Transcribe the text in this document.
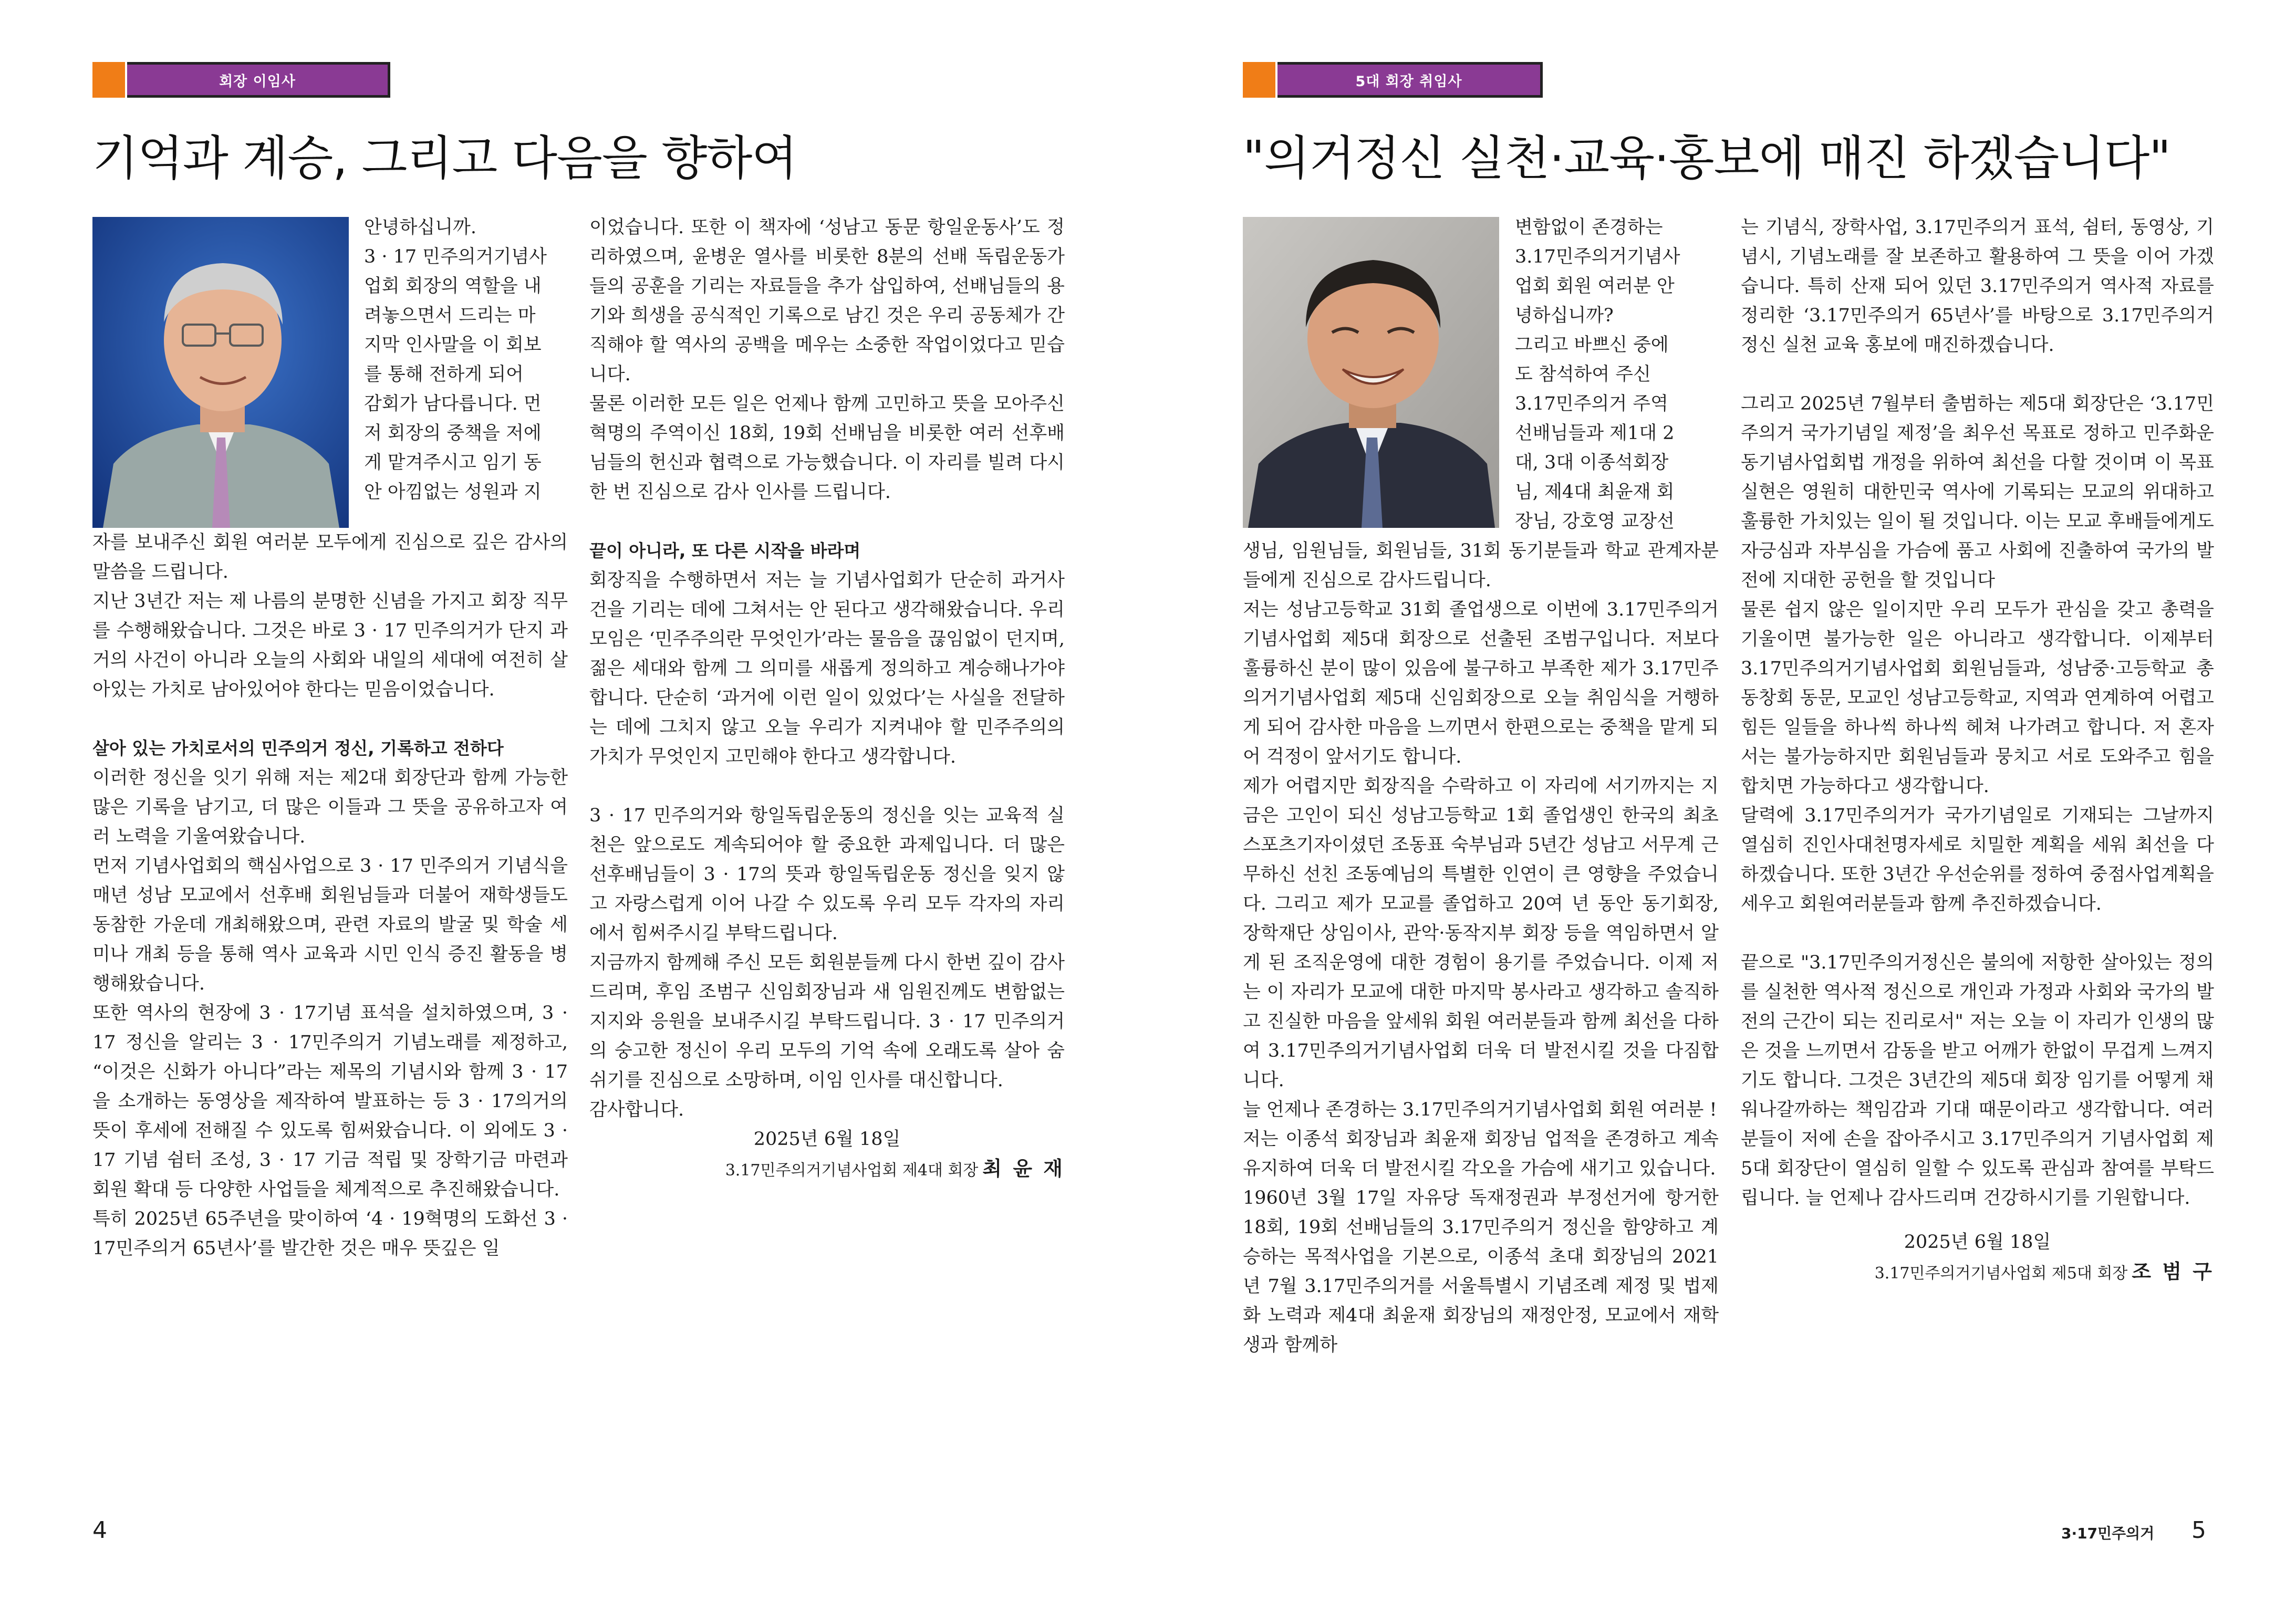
회장 이임사
기억과 계승, 그리고 다음을 향하여

안녕하십니까.

3 · 17 민주의거기념사

업회 회장의 역할을 내

려놓으면서 드리는 마

지막 인사말을 이 회보

를 통해 전하게 되어

감회가 남다릅니다. 먼

저 회장의 중책을 저에

게 맡겨주시고 임기 동

안 아낌없는 성원과 지

자를 보내주신 회원 여러분 모두에게 진심으로 깊은 감사의 말씀을 드립니다.

지난 3년간 저는 제 나름의 분명한 신념을 가지고 회장 직무를 수행해왔습니다. 그것은 바로 3 · 17 민주의거가 단지 과거의 사건이 아니라 오늘의 사회와 내일의 세대에 여전히 살아있는 가치로 남아있어야 한다는 믿음이었습니다.

살아 있는 가치로서의 민주의거 정신, 기록하고 전하다

이러한 정신을 잇기 위해 저는 제2대 회장단과 함께 가능한 많은 기록을 남기고, 더 많은 이들과 그 뜻을 공유하고자 여러 노력을 기울여왔습니다.

먼저 기념사업회의 핵심사업으로 3 · 17 민주의거 기념식을 매년 성남 모교에서 선후배 회원님들과 더불어 재학생들도 동참한 가운데 개최해왔으며, 관련 자료의 발굴 및 학술 세미나 개최 등을 통해 역사 교육과 시민 인식 증진 활동을 병행해왔습니다.

또한 역사의 현장에 3 · 17기념 표석을 설치하였으며, 3 · 17 정신을 알리는 3 · 17민주의거 기념노래를 제정하고, “이것은 신화가 아니다”라는 제목의 기념시와 함께 3 · 17을 소개하는 동영상을 제작하여 발표하는 등 3 · 17의거의 뜻이 후세에 전해질 수 있도록 힘써왔습니다. 이 외에도 3 · 17 기념 쉼터 조성, 3 · 17 기금 적립 및 장학기금 마련과 회원 확대 등 다양한 사업들을 체계적으로 추진해왔습니다.

특히 2025년 65주년을 맞이하여 ‘4 · 19혁명의 도화선 3 · 17민주의거 65년사’를 발간한 것은 매우 뜻깊은 일

이었습니다. 또한 이 책자에 ‘성남고 동문 항일운동사’도 정리하였으며, 윤병운 열사를 비롯한 8분의 선배 독립운동가들의 공훈을 기리는 자료들을 추가 삽입하여, 선배님들의 용기와 희생을 공식적인 기록으로 남긴 것은 우리 공동체가 간직해야 할 역사의 공백을 메우는 소중한 작업이었다고 믿습니다.

물론 이러한 모든 일은 언제나 함께 고민하고 뜻을 모아주신 혁명의 주역이신 18회, 19회 선배님을 비롯한 여러 선후배님들의 헌신과 협력으로 가능했습니다. 이 자리를 빌려 다시 한 번 진심으로 감사 인사를 드립니다.

끝이 아니라, 또 다른 시작을 바라며

회장직을 수행하면서 저는 늘 기념사업회가 단순히 과거사건을 기리는 데에 그쳐서는 안 된다고 생각해왔습니다. 우리 모임은 ‘민주주의란 무엇인가’라는 물음을 끊임없이 던지며, 젊은 세대와 함께 그 의미를 새롭게 정의하고 계승해나가야 합니다. 단순히 ‘과거에 이런 일이 있었다’는 사실을 전달하는 데에 그치지 않고 오늘 우리가 지켜내야 할 민주주의의 가치가 무엇인지 고민해야 한다고 생각합니다.

3 · 17 민주의거와 항일독립운동의 정신을 잇는 교육적 실천은 앞으로도 계속되어야 할 중요한 과제입니다. 더 많은 선후배님들이 3 · 17의 뜻과 항일독립운동 정신을 잊지 않고 자랑스럽게 이어 나갈 수 있도록 우리 모두 각자의 자리에서 힘써주시길 부탁드립니다.

지금까지 함께해 주신 모든 회원분들께 다시 한번 깊이 감사드리며, 후임 조범구 신임회장님과 새 임원진께도 변함없는 지지와 응원을 보내주시길 부탁드립니다. 3 · 17 민주의거의 숭고한 정신이 우리 모두의 기억 속에 오래도록 살아 숨쉬기를 진심으로 소망하며, 이임 인사를 대신합니다.

감사합니다.

2025년 6월 18일

3.17민주의거기념사업회 제4대 회장 최 윤 재

4
5대 회장 취임사
"의거정신 실천·교육·홍보에 매진 하겠습니다"

변함없이 존경하는

3.17민주의거기념사

업회 회원 여러분 안

녕하십니까?

그리고 바쁘신 중에

도 참석하여 주신

3.17민주의거 주역

선배님들과 제1대 2

대, 3대 이종석회장

님, 제4대 최윤재 회

장님, 강호영 교장선

생님, 임원님들, 회원님들, 31회 동기분들과 학교 관계자분들에게 진심으로 감사드립니다.

저는 성남고등학교 31회 졸업생으로 이번에 3.17민주의거기념사업회 제5대 회장으로 선출된 조범구입니다. 저보다 훌륭하신 분이 많이 있음에 불구하고 부족한 제가 3.17민주의거기념사업회 제5대 신임회장으로 오늘 취임식을 거행하게 되어 감사한 마음을 느끼면서 한편으로는 중책을 맡게 되어 걱정이 앞서기도 합니다.

제가 어렵지만 회장직을 수락하고 이 자리에 서기까지는 지금은 고인이 되신 성남고등학교 1회 졸업생인 한국의 최초 스포츠기자이셨던 조동표 숙부님과 5년간 성남고 서무계 근무하신 선친 조동예님의 특별한 인연이 큰 영향을 주었습니다. 그리고 제가 모교를 졸업하고 20여 년 동안 동기회장, 장학재단 상임이사, 관악·동작지부 회장 등을 역임하면서 알게 된 조직운영에 대한 경험이 용기를 주었습니다. 이제 저는 이 자리가 모교에 대한 마지막 봉사라고 생각하고 솔직하고 진실한 마음을 앞세워 회원 여러분들과 함께 최선을 다하여 3.17민주의거기념사업회 더욱 더 발전시킬 것을 다짐합니다.

늘 언제나 존경하는 3.17민주의거기념사업회 회원 여러분 !

저는 이종석 회장님과 최윤재 회장님 업적을 존경하고 계속 유지하여 더욱 더 발전시킬 각오을 가슴에 새기고 있습니다.

1960년 3월 17일 자유당 독재정권과 부정선거에 항거한 18회, 19회 선배님들의 3.17민주의거 정신을 함양하고 계승하는 목적사업을 기본으로, 이종석 초대 회장님의 2021년 7월 3.17민주의거를 서울특별시 기념조례 제정 및 법제화 노력과 제4대 최윤재 회장님의 재정안정, 모교에서 재학생과 함께하

는 기념식, 장학사업, 3.17민주의거 표석, 쉼터, 동영상, 기념시, 기념노래를 잘 보존하고 활용하여 그 뜻을 이어 가겠습니다. 특히 산재 되어 있던 3.17민주의거 역사적 자료를 정리한 ‘3.17민주의거 65년사’를 바탕으로 3.17민주의거정신 실천 교육 홍보에 매진하겠습니다.

그리고 2025년 7월부터 출범하는 제5대 회장단은 ‘3.17민주의거 국가기념일 제정’을 최우선 목표로 정하고 민주화운동기념사업회법 개정을 위하여 최선을 다할 것이며 이 목표 실현은 영원히 대한민국 역사에 기록되는 모교의 위대하고 훌륭한 가치있는 일이 될 것입니다. 이는 모교 후배들에게도 자긍심과 자부심을 가슴에 품고 사회에 진출하여 국가의 발전에 지대한 공헌을 할 것입니다

물론 쉽지 않은 일이지만 우리 모두가 관심을 갖고 총력을 기울이면 불가능한 일은 아니라고 생각합니다. 이제부터 3.17민주의거기념사업회 회원님들과, 성남중·고등학교 총동창회 동문, 모교인 성남고등학교, 지역과 연계하여 어렵고 힘든 일들을 하나씩 하나씩 헤쳐 나가려고 합니다. 저 혼자서는 불가능하지만 회원님들과 뭉치고 서로 도와주고 힘을 합치면 가능하다고 생각합니다.

달력에 3.17민주의거가 국가기념일로 기재되는 그날까지 열심히 진인사대천명자세로 치밀한 계획을 세워 최선을 다하겠습니다. 또한 3년간 우선순위를 정하여 중점사업계획을 세우고 회원여러분들과 함께 추진하겠습니다.

끝으로 "3.17민주의거정신은 불의에 저항한 살아있는 정의를 실천한 역사적 정신으로 개인과 가정과 사회와 국가의 발전의 근간이 되는 진리로서" 저는 오늘 이 자리가 인생의 많은 것을 느끼면서 감동을 받고 어깨가 한없이 무겁게 느껴지기도 합니다. 그것은 3년간의 제5대 회장 임기를 어떻게 채워나갈까하는 책임감과 기대 때문이라고 생각합니다. 여러분들이 저에 손을 잡아주시고 3.17민주의거 기념사업회 제5대 회장단이 열심히 일할 수 있도록 관심과 참여를 부탁드립니다. 늘 언제나 감사드리며 건강하시기를 기원합니다.

2025년 6월 18일

3.17민주의거기념사업회 제5대 회장 조 범 구

3·17민주의거 5
